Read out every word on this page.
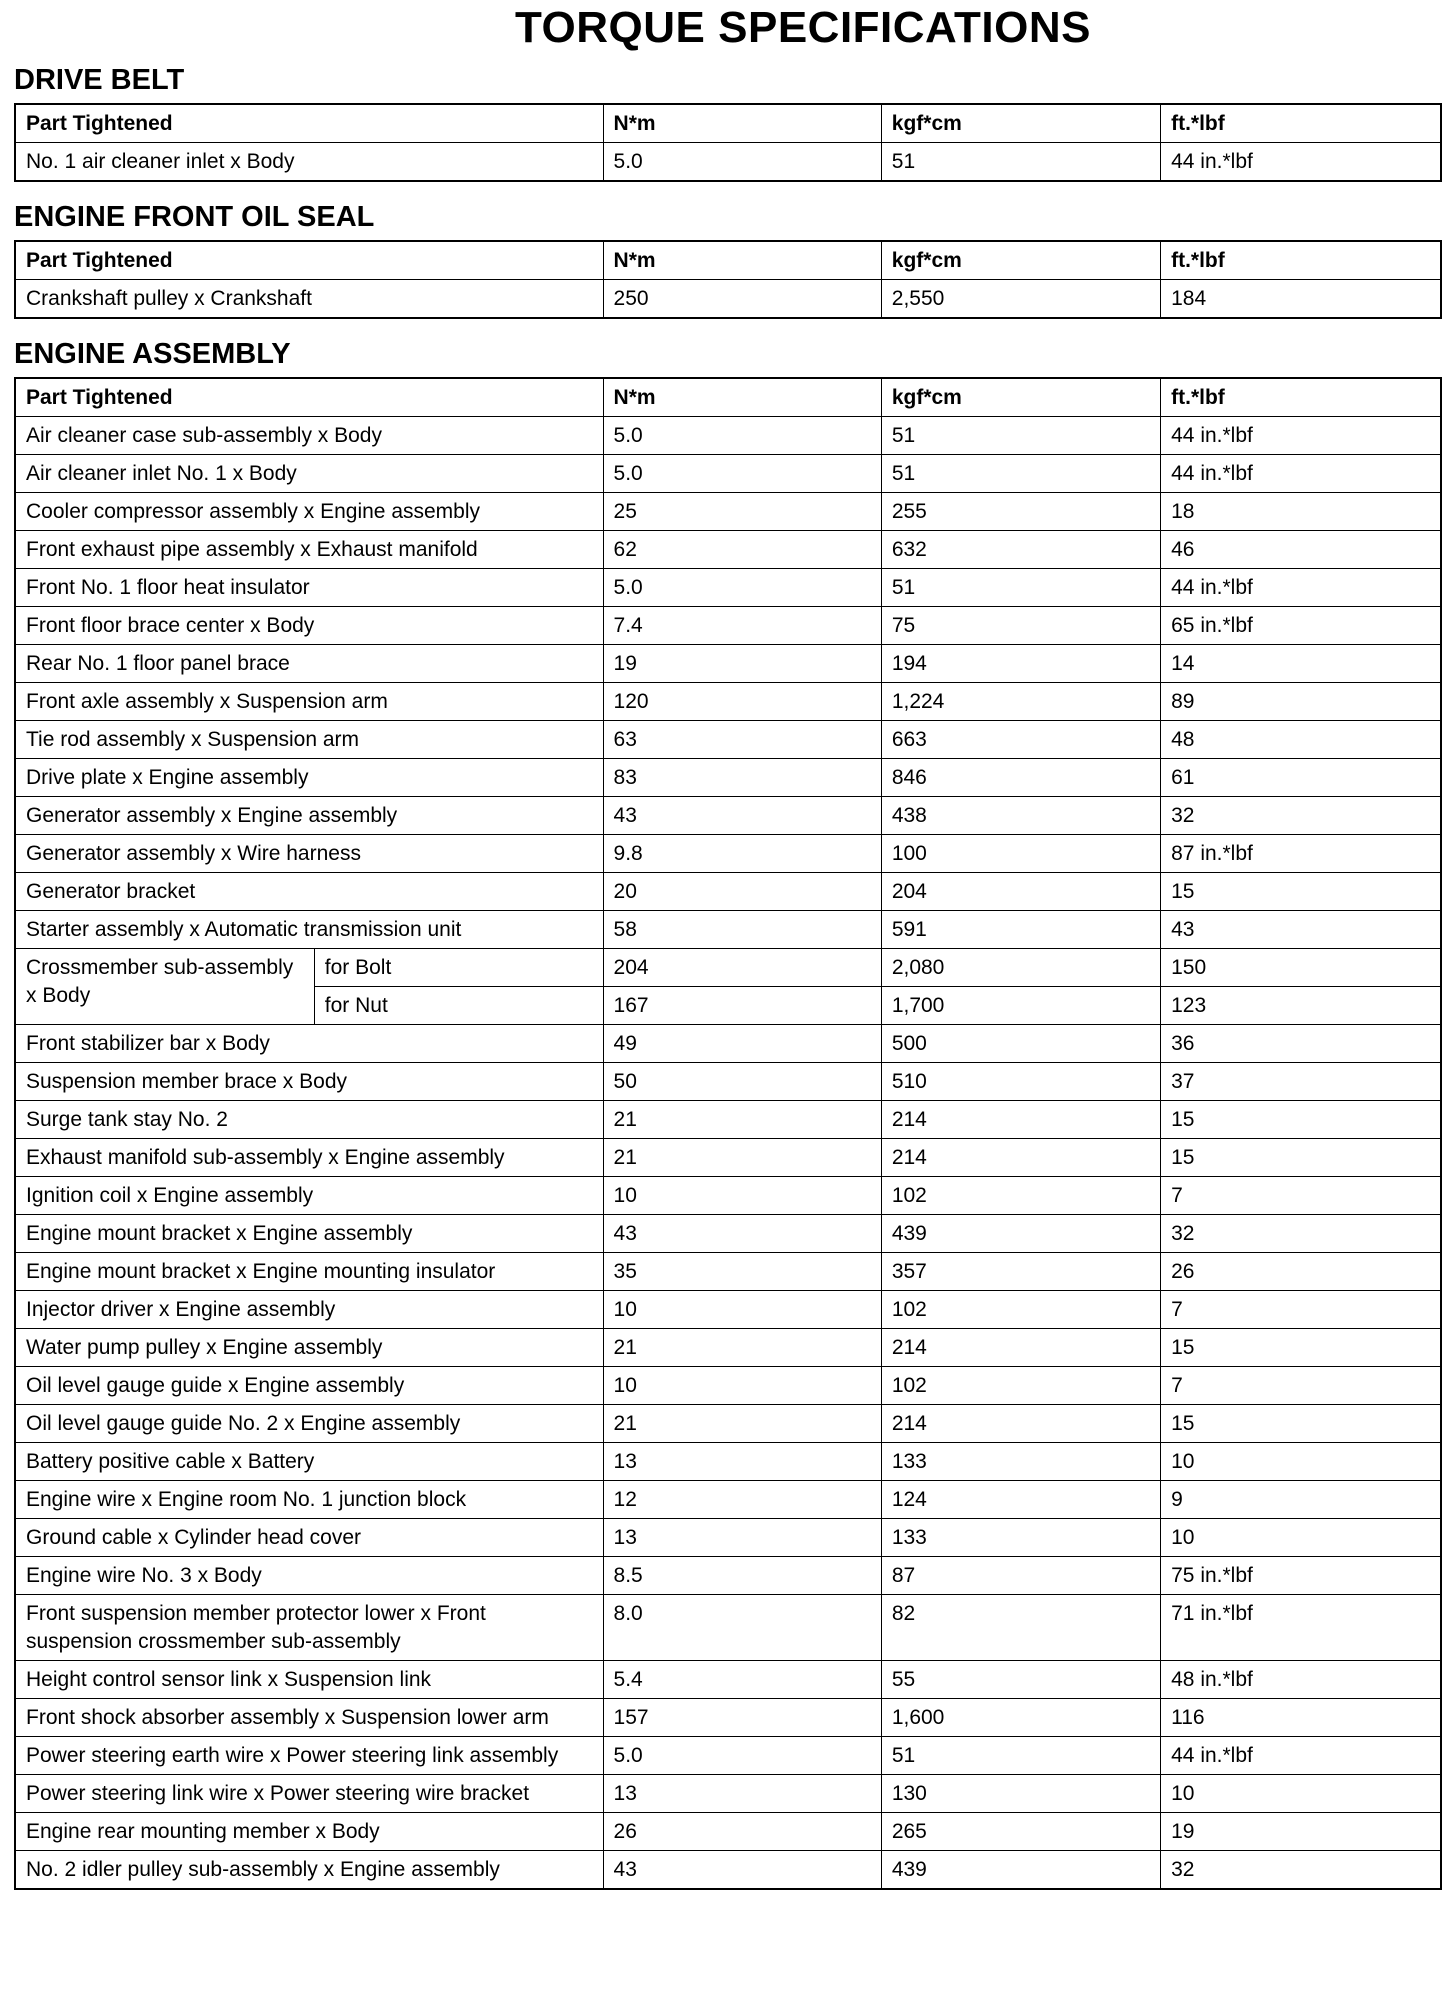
TORQUE SPECIFICATIONS
DRIVE BELT
Part Tightened	N*m	kgf*cm	ft.*lbf
No. 1 air cleaner inlet x Body	5.0	51	44 in.*lbf
ENGINE FRONT OIL SEAL
Part Tightened	N*m	kgf*cm	ft.*lbf
Crankshaft pulley x Crankshaft	250	2,550	184
ENGINE ASSEMBLY
Part Tightened		N*m	kgf*cm	ft.*lbf
Air cleaner case sub-assembly x Body		5.0	51	44 in.*lbf
Air cleaner inlet No. 1 x Body		5.0	51	44 in.*lbf
Cooler compressor assembly x Engine assembly		25	255	18
Front exhaust pipe assembly x Exhaust manifold		62	632	46
Front No. 1 floor heat insulator		5.0	51	44 in.*lbf
Front floor brace center x Body		7.4	75	65 in.*lbf
Rear No. 1 floor panel brace		19	194	14
Front axle assembly x Suspension arm		120	1,224	89
Tie rod assembly x Suspension arm		63	663	48
Drive plate x Engine assembly		83	846	61
Generator assembly x Engine assembly		43	438	32
Generator assembly x Wire harness		9.8	100	87 in.*lbf
Generator bracket		20	204	15
Starter assembly x Automatic transmission unit		58	591	43
Crossmember sub-assembly x Body	for Bolt	204	2,080	150
	for Nut	167	1,700	123
Front stabilizer bar x Body		49	500	36
Suspension member brace x Body		50	510	37
Surge tank stay No. 2		21	214	15
Exhaust manifold sub-assembly x Engine assembly		21	214	15
Ignition coil x Engine assembly		10	102	7
Engine mount bracket x Engine assembly		43	439	32
Engine mount bracket x Engine mounting insulator		35	357	26
Injector driver x Engine assembly		10	102	7
Water pump pulley x Engine assembly		21	214	15
Oil level gauge guide x Engine assembly		10	102	7
Oil level gauge guide No. 2 x Engine assembly		21	214	15
Battery positive cable x Battery		13	133	10
Engine wire x Engine room No. 1 junction block		12	124	9
Ground cable x Cylinder head cover		13	133	10
Engine wire No. 3 x Body		8.5	87	75 in.*lbf
Front suspension member protector lower x Front suspension crossmember sub-assembly		8.0	82	71 in.*lbf
Height control sensor link x Suspension link		5.4	55	48 in.*lbf
Front shock absorber assembly x Suspension lower arm		157	1,600	116
Power steering earth wire x Power steering link assembly		5.0	51	44 in.*lbf
Power steering link wire x Power steering wire bracket		13	130	10
Engine rear mounting member x Body		26	265	19
No. 2 idler pulley sub-assembly x Engine assembly		43	439	32
